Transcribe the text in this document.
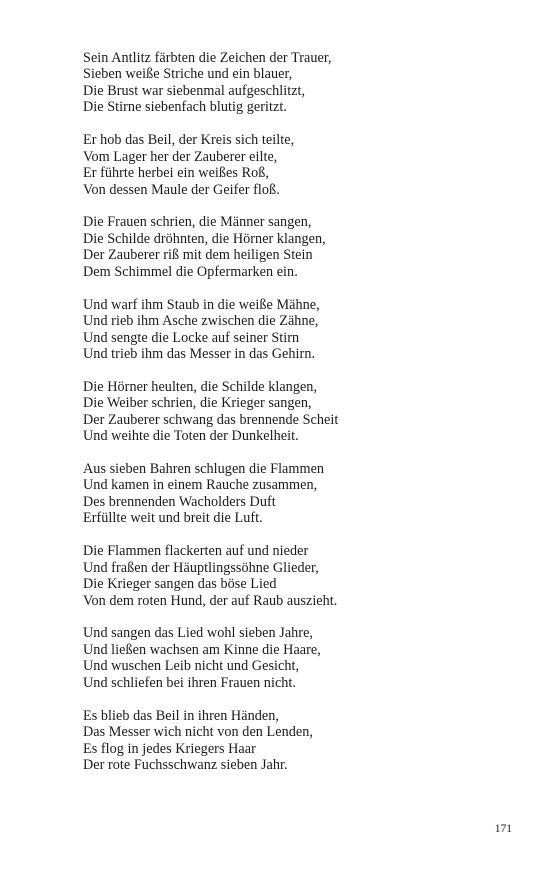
Sein Antlitz färbten die Zeichen der Trauer,
Sieben weiße Striche und ein blauer,
Die Brust war siebenmal aufgeschlitzt,
Die Stirne siebenfach blutig geritzt.
Er hob das Beil, der Kreis sich teilte,
Vom Lager her der Zauberer eilte,
Er führte herbei ein weißes Roß,
Von dessen Maule der Geifer floß.
Die Frauen schrien, die Männer sangen,
Die Schilde dröhnten, die Hörner klangen,
Der Zauberer riß mit dem heiligen Stein
Dem Schimmel die Opfermarken ein.
Und warf ihm Staub in die weiße Mähne,
Und rieb ihm Asche zwischen die Zähne,
Und sengte die Locke auf seiner Stirn
Und trieb ihm das Messer in das Gehirn.
Die Hörner heulten, die Schilde klangen,
Die Weiber schrien, die Krieger sangen,
Der Zauberer schwang das brennende Scheit
Und weihte die Toten der Dunkelheit.
Aus sieben Bahren schlugen die Flammen
Und kamen in einem Rauche zusammen,
Des brennenden Wacholders Duft
Erfüllte weit und breit die Luft.
Die Flammen flackerten auf und nieder
Und fraßen der Häuptlingssöhne Glieder,
Die Krieger sangen das böse Lied
Von dem roten Hund, der auf Raub auszieht.
Und sangen das Lied wohl sieben Jahre,
Und ließen wachsen am Kinne die Haare,
Und wuschen Leib nicht und Gesicht,
Und schliefen bei ihren Frauen nicht.
Es blieb das Beil in ihren Händen,
Das Messer wich nicht von den Lenden,
Es flog in jedes Kriegers Haar
Der rote Fuchsschwanz sieben Jahr.
171
